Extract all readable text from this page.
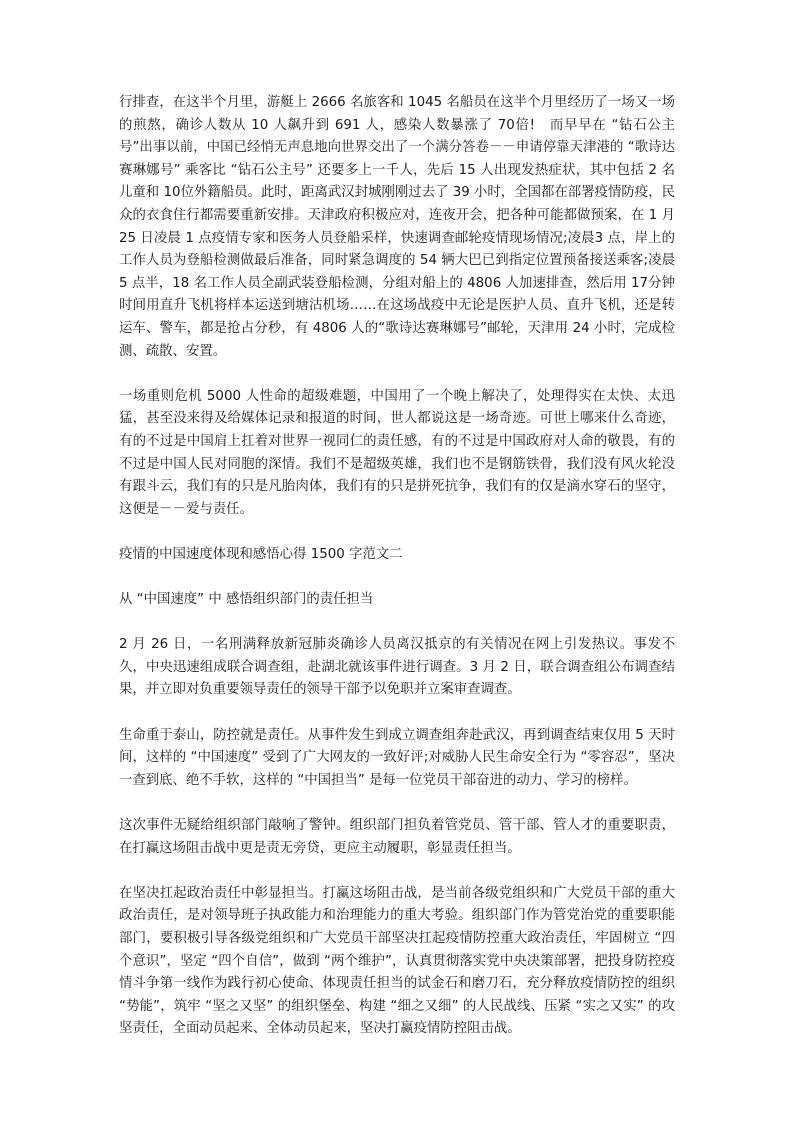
行排查，在这半个月里，游艇上 2666 名旅客和 1045 名船员在这半个月里经历了一场又一场的煎熬，确诊人数从 10 人飙升到 691 人，感染人数暴涨了 70倍!　而早早在 “钻石公主号”出事以前，中国已经悄无声息地向世界交出了一个满分答卷－－申请停靠天津港的 “歌诗达赛琳娜号” 乘客比 “钻石公主号” 还要多上一千人，先后 15 人出现发热症状，其中包括 2 名儿童和 10位外籍船员。此时，距离武汉封城刚刚过去了 39 小时，全国都在部署疫情防疫，民众的衣食住行都需要重新安排。天津政府积极应对，连夜开会，把各种可能都做预案，在 1 月 25 日凌晨 1 点疫情专家和医务人员登船采样，快速调查邮轮疫情现场情况;凌晨3 点，岸上的工作人员为登船检测做最后准备，同时紧急调度的 54 辆大巴已到指定位置预备接送乘客;凌晨 5 点半，18 名工作人员全副武装登船检测，分组对船上的 4806 人加速排查，然后用 17分钟时间用直升飞机将样本运送到塘沽机场……在这场战疫中无论是医护人员、直升飞机，还是转运车、警车，都是抢占分秒，有 4806 人的“歌诗达赛琳娜号”邮轮，天津用 24 小时，完成检测、疏散、安置。

一场重则危机 5000 人性命的超级难题，中国用了一个晚上解决了，处理得实在太快、太迅猛，甚至没来得及给媒体记录和报道的时间，世人都说这是一场奇迹。可世上哪来什么奇迹，有的不过是中国肩上扛着对世界一视同仁的责任感，有的不过是中国政府对人命的敬畏，有的不过是中国人民对同胞的深情。我们不是超级英雄，我们也不是钢筋铁骨，我们没有风火轮没有跟斗云，我们有的只是凡胎肉体，我们有的只是拼死抗争，我们有的仅是滴水穿石的坚守，这便是－－爱与责任。

疫情的中国速度体现和感悟心得 1500 字范文二

从 “中国速度” 中 感悟组织部门的责任担当

2 月 26 日，一名刑满释放新冠肺炎确诊人员离汉抵京的有关情况在网上引发热议。事发不久，中央迅速组成联合调查组，赴湖北就该事件进行调查。3 月 2 日，联合调查组公布调查结果，并立即对负重要领导责任的领导干部予以免职并立案审查调查。

生命重于泰山，防控就是责任。从事件发生到成立调查组奔赴武汉，再到调查结束仅用 5 天时间，这样的 “中国速度” 受到了广大网友的一致好评;对威胁人民生命安全行为 “零容忍”，坚决一查到底、绝不手软，这样的 “中国担当” 是每一位党员干部奋进的动力、学习的榜样。

这次事件无疑给组织部门敲响了警钟。组织部门担负着管党员、管干部、管人才的重要职责，在打赢这场阻击战中更是责无旁贷，更应主动履职，彰显责任担当。

在坚决扛起政治责任中彰显担当。打赢这场阻击战，是当前各级党组织和广大党员干部的重大政治责任，是对领导班子执政能力和治理能力的重大考验。组织部门作为管党治党的重要职能部门，要积极引导各级党组织和广大党员干部坚决扛起疫情防控重大政治责任，牢固树立 “四个意识”，坚定 “四个自信”，做到 “两个维护”，认真贯彻落实党中央决策部署，把投身防控疫情斗争第一线作为践行初心使命、体现责任担当的试金石和磨刀石，充分释放疫情防控的组织 “势能”，筑牢 “坚之又坚” 的组织堡垒、构建 “细之又细” 的人民战线、压紧 “实之又实” 的攻坚责任，全面动员起来、全体动员起来，坚决打赢疫情防控阻击战。
